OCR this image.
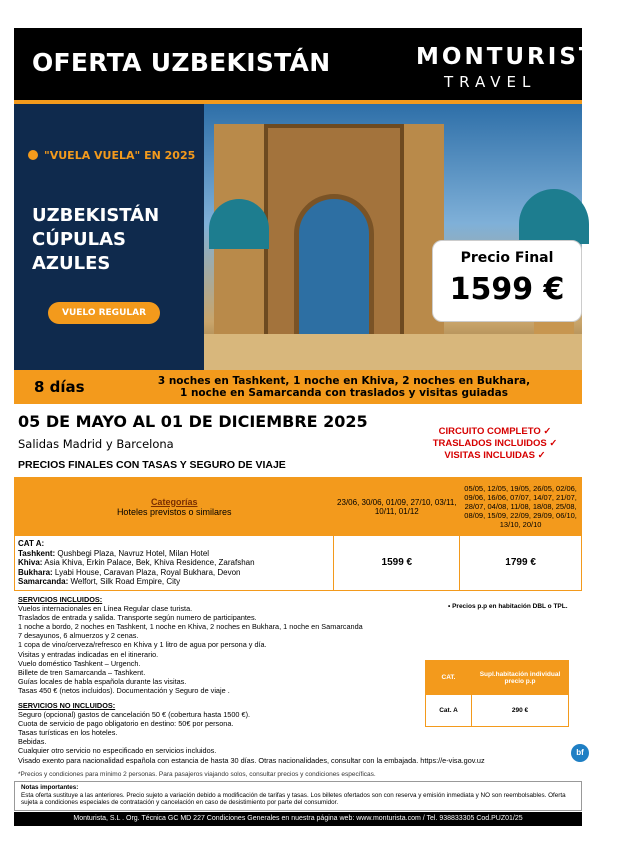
OFERTA UZBEKISTÁN	MONTURISTA
TRAVEL
"VUELA VUELA" EN 2025
UZBEKISTÁN
CÚPULAS AZULES
VUELO REGULAR
Precio Final
1599 €
8 días	3 noches en Tashkent, 1 noche en Khiva, 2 noches en Bukhara,
1 noche en Samarcanda con traslados y visitas guiadas
05 DE MAYO AL 01 DE DICIEMBRE 2025
Salidas Madrid y Barcelona
PRECIOS FINALES CON TASAS Y SEGURO DE VIAJE
CIRCUITO COMPLETO ✓
TRASLADOS INCLUIDOS ✓
VISITAS INCLUIDAS ✓
Categorías
Hoteles previstos o similares	23/06, 30/06, 01/09, 27/10, 03/11, 10/11, 01/12	05/05, 12/05, 19/05, 26/05, 02/06, 09/06, 16/06, 07/07, 14/07, 21/07, 28/07, 04/08, 11/08, 18/08, 25/08, 08/09, 15/09, 22/09, 29/09, 06/10, 13/10, 20/10

CAT A:
Tashkent: Qushbegi Plaza, Navruz Hotel, Milan Hotel
Khiva: Asia Khiva, Erkin Palace, Bek, Khiva Residence, Zarafshan
Bukhara: Lyabi House, Caravan Plaza, Royal Bukhara, Devon
Samarcanda: Welfort, Silk Road Empire, City	1599 €	1799 €
SERVICIOS INCLUIDOS:
Vuelos internacionales en Línea Regular clase turista.
Traslados de entrada y salida. Transporte según numero de participantes.
1 noche a bordo, 2 noches en Tashkent, 1 noche en Khiva, 2 noches en Bukhara, 1 noche en Samarcanda
7 desayunos, 6 almuerzos y 2 cenas.
1 copa de vino/cerveza/refresco en Khiva y 1 litro de agua por persona y día.
Visitas y entradas indicadas en el itinerario.
Vuelo doméstico Tashkent – Urgench.
Billete de tren Samarcanda – Tashkent.
Guías locales de habla española durante las visitas.
Tasas 450 € (netos incluidos). Documentación y Seguro de viaje .
SERVICIOS NO INCLUIDOS:
Seguro (opcional) gastos de cancelación 50 € (cobertura hasta 1500 €).
Cuota de servicio de pago obligatorio en destino: 50€ por persona.
Tasas turísticas en los hoteles.
Bebidas.
Cualquier otro servicio no especificado en servicios incluidos.
Visado exento para nacionalidad española con estancia de hasta 30 días. Otras nacionalidades, consultar con la embajada. https://e-visa.gov.uz
• Precios p.p en habitación DBL o TPL.
CAT.	Supl.habitación individual precio p.p
Cat. A	290 €
bf
*Precios y condiciones para mínimo 2 personas. Para pasajeros viajando solos, consultar precios y condiciones específicas.
Notas importantes:
Esta oferta sustituye a las anteriores. Precio sujeto a variación debido a modificación de tarifas y tasas. Los billetes ofertados son con reserva y emisión inmediata y NO son reembolsables. Oferta sujeta a condiciones especiales de contratación y cancelación en caso de desistimiento por parte del consumidor.
Monturista, S.L . Org. Técnica GC MD 227 Condiciones Generales en nuestra página web: www.monturista.com / Tel. 938833305 Cod.PUZ01/25
